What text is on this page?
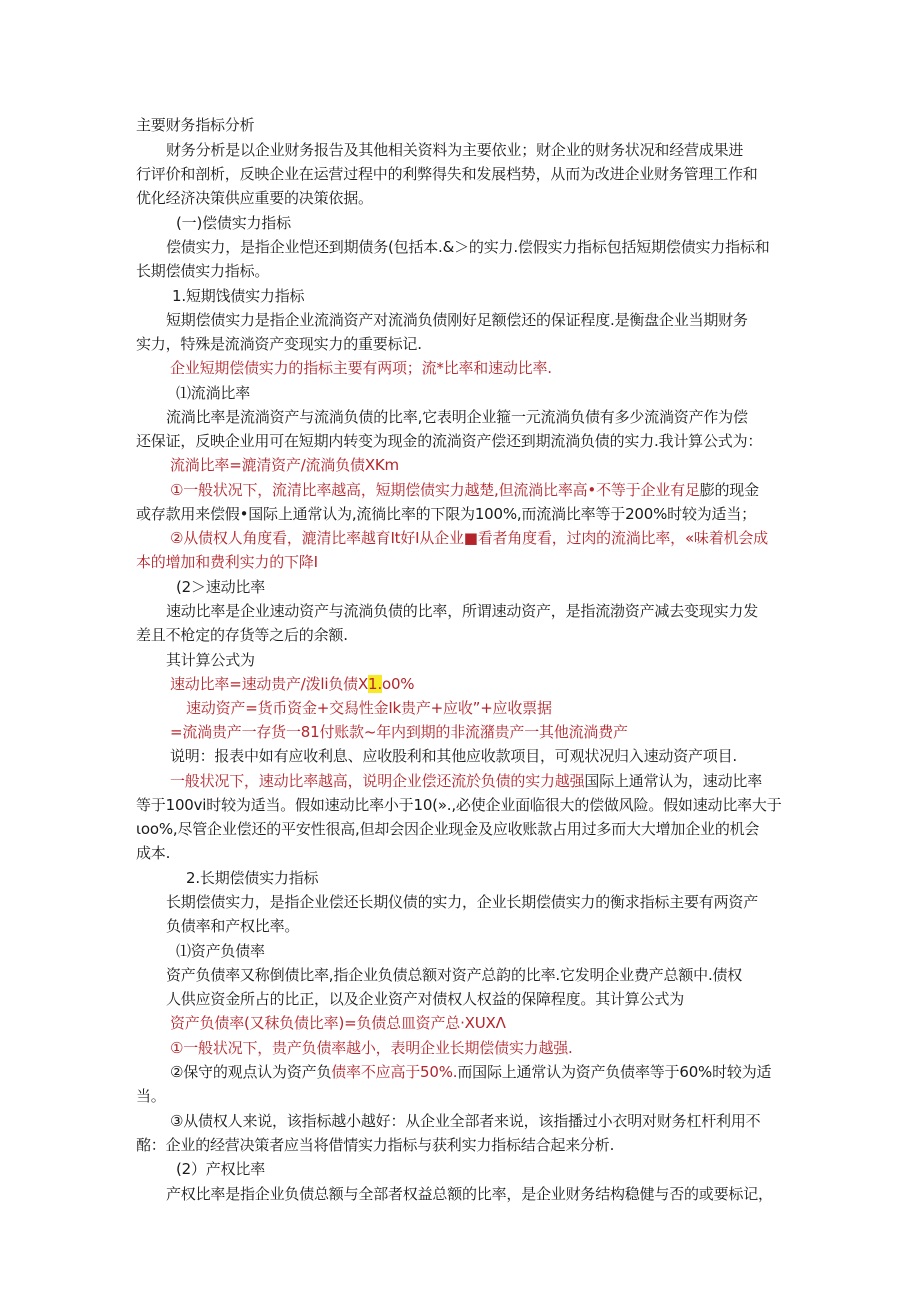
主要财务指标分析
财务分析是以企业财务报告及其他相关资料为主要依业；财企业的财务状况和经营成果进
行评价和剖析，反映企业在运营过程中的利弊得失和发展档势，从而为改进企业财务管理工作和
优化经济决策供应重要的决策依据。
(一)偿债实力指标
偿债实力，是指企业恺还到期债务(包括本.&＞的实力.偿假实力指标包括短期偿债实力指标和
长期偿债实力指标。
1.短期饯债实力指标
短期偿债实力是指企业流淌资产对流淌负债刚好足额偿还的保证程度.是衡盘企业当期财务
实力，特殊是流淌资产变现实力的重要标记.
企业短期偿债实力的指标主要有两项；流*比率和速动比率.
⑴流淌比率
流淌比率是流淌资产与流淌负债的比率,它表明企业箍一元流淌负债有多少流淌资产作为偿
还保证，反映企业用可在短期内转变为现金的流淌资产偿还到期流淌负债的实力.我计算公式为：
流淌比率=漉清资产/流淌负债XKm
①一般状况下，流清比率越高，短期偿债实力越楚,但流淌比率高•不等于企业有足膨的现金
或存款用来偿假•国际上通常认为,流徜比率的下限为100%,而流淌比率等于200%时较为适当；
②从债权人角度看，漉清比率越育It好I从企业■看者角度看，过肉的流淌比率，«味着机会成
本的增加和费利实力的下降I
(2＞速动比率
速动比率是企业速动资产与流淌负债的比率，所谓速动资产，是指流渤资产减去变现实力发
差且不枪定的存货等之后的余额.
其计算公式为
速动比率=速动贵产/泼li负债X1.o0%
速动资产=货币资金+交舄性金Ik贵产+应收”+应收票据
=流淌贵产一存货一81付账款~年内到期的非流潴贵产一其他流淌费产
说明：报表中如有应收利息、应收股利和其他应收款项目，可观状况归入速动资产项目.
一般状况下，速动比率越高，说明企业偿还流於负债的实力越强国际上通常认为，速动比率
等于100vi时较为适当。假如速动比率小于10(».,必使企业面临很大的偿做风险。假如速动比率大于
ιoo%,尽管企业偿还的平安性很高,但却会因企业现金及应收账款占用过多而大大增加企业的机会
成本.
2.长期偿债实力指标
长期偿债实力，是指企业偿还长期仪债的实力，企业长期偿债实力的衡求指标主要有两资产
负债率和产权比率。
⑴资产负债率
资产负债率又称倒债比率,指企业负债总额对资产总韵的比率.它发明企业费产总额中.债权
人供应资金所占的比正，以及企业资产对债权人权益的保障程度。其计算公式为
资产负债率(又秣负债比率)=负债总皿资产总·XUXΛ
①一般状况下，贵产负债率越小，表明企业长期偿债实力越强.
②保守的观点认为资产负债率不应高于50%.而国际上通常认为资产负债率等于60%时较为适
当。
③从债权人来说，该指标越小越好：从企业全部者来说，该指播过小衣明对财务杠杆利用不
酩：企业的经营决策者应当将借情实力指标与获利实力指标结合起来分析.
(2）产权比率
产权比率是指企业负债总额与全部者权益总额的比率，是企业财务结构稳健与否的或要标记，
